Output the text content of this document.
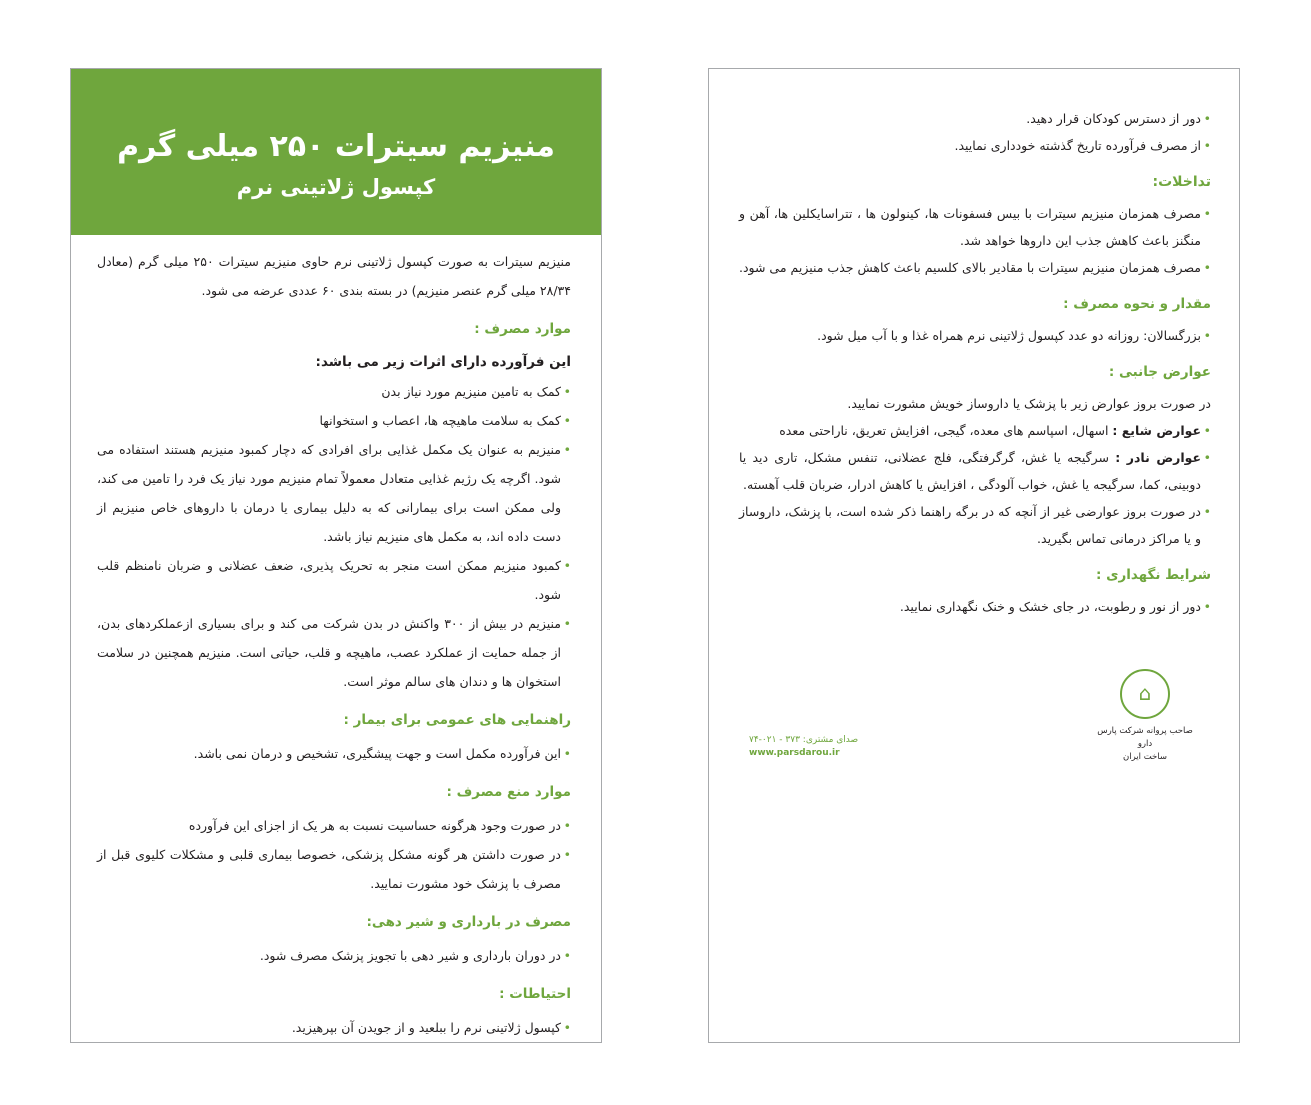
منیزیم سیترات ۲۵۰ میلی گرم
کپسول ژلاتینی نرم

منیزیم سیترات به صورت کپسول ژلاتینی نرم حاوی منیزیم سیترات ۲۵۰ میلی گرم (معادل ۲۸/۳۴ میلی گرم عنصر منیزیم) در بسته بندی ۶۰ عددی عرضه می شود.

موارد مصرف :

این فرآورده دارای اثرات زیر می باشد:

• کمک به تامین منیزیم مورد نیاز بدن
• کمک به سلامت ماهیچه ها، اعصاب و استخوانها
• منیزیم به عنوان یک مکمل غذایی برای افرادی که دچار کمبود منیزیم هستند استفاده می شود. اگرچه یک رژیم غذایی متعادل معمولاً تمام منیزیم مورد نیاز یک فرد را تامین می کند، ولی ممکن است برای بیمارانی که به دلیل بیماری یا درمان با داروهای خاص منیزیم از دست داده اند، به مکمل های منیزیم نیاز باشد.
• کمبود منیزیم ممکن است منجر به تحریک پذیری، ضعف عضلانی و ضربان نامنظم قلب شود.
• منیزیم در بیش از ۳۰۰ واکنش در بدن شرکت می کند و برای بسیاری ازعملکردهای بدن، از جمله حمایت از عملکرد عصب، ماهیچه و قلب، حیاتی است. منیزیم همچنین در سلامت استخوان ها و دندان های سالم موثر است.
راهنمایی های عمومی برای بیمار :
• این فرآورده مکمل است و جهت پیشگیری، تشخیص و درمان نمی باشد.
موارد منع مصرف :
• در صورت وجود هرگونه حساسیت نسبت به هر یک از اجزای این فرآورده
• در صورت داشتن هر گونه مشکل پزشکی، خصوصا بیماری قلبی و مشکلات کلیوی قبل از مصرف با پزشک خود مشورت نمایید.
مصرف در بارداری و شیر دهی:
• در دوران بارداری و شیر دهی با تجویز پزشک مصرف شود.
احتیاطات :
• کپسول ژلاتینی نرم را ببلعید و از جویدن آن بپرهیزید.
• دور از دسترس کودکان قرار دهید.
• از مصرف فرآورده تاریخ گذشته خودداری نمایید.
تداخلات:
• مصرف همزمان منیزیم سیترات با بیس فسفونات ها، کینولون ها ، تتراسایکلین ها، آهن و منگنز باعث کاهش جذب این داروها خواهد شد.
• مصرف همزمان منیزیم سیترات با مقادیر بالای کلسیم باعث کاهش جذب منیزیم می شود.
مقدار و نحوه مصرف :
• بزرگسالان: روزانه دو عدد کپسول ژلاتینی نرم همراه غذا و با آب میل شود.
عوارض جانبی :

در صورت بروز عوارض زیر با پزشک یا داروساز خویش مشورت نمایید.

• عوارض شایع : اسهال، اسپاسم های معده، گیجی، افزایش تعریق، ناراحتی معده
• عوارض نادر : سرگیجه یا غش، گرگرفتگی، فلج عضلانی، تنفس مشکل، تاری دید یا دوبینی، کما، سرگیجه یا غش، خواب آلودگی ، افزایش یا کاهش ادرار، ضربان قلب آهسته.
• در صورت بروز عوارضی غیر از آنچه که در برگه راهنما ذکر شده است، با پزشک، داروساز و یا مراکز درمانی تماس بگیرید.
شرایط نگهداری :
• دور از نور و رطوبت، در جای خشک و خنک نگهداری نمایید.
⌂
صاحب پروانه شرکت پارس دارو
ساخت ایران
صدای مشتری: ۳۷۳ - ۰۲۱-۷۴
www.parsdarou.ir
